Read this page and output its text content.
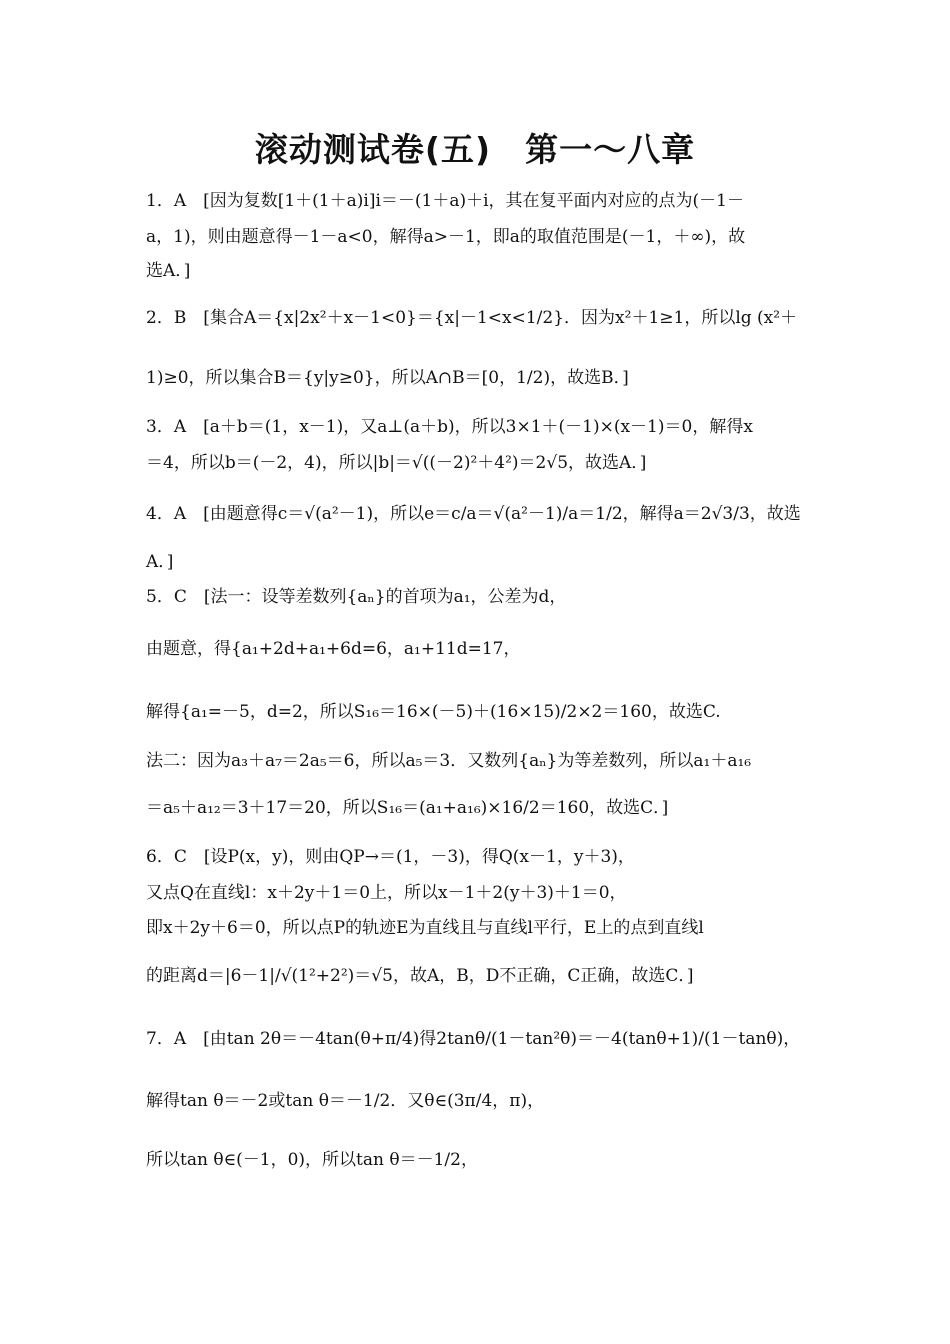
滚动测试卷(五) 第一～八章
1．A　[因为复数[1＋(1＋a)i]i＝－(1＋a)＋i，其在复平面内对应的点为(－1－
a，1)，则由题意得－1－a<0，解得a>－1，即a的取值范围是(－1，＋∞)，故
选A．]
2．B　[集合A＝{x|2x²＋x－1<0}＝{x|－1<x<1/2}．因为x²＋1≥1，所以lg (x²＋
1)≥0，所以集合B＝{y|y≥0}，所以A∩B＝[0，1/2)，故选B．]
3．A　[a＋b＝(1，x－1)，又a⊥(a＋b)，所以3×1＋(－1)×(x－1)＝0，解得x
＝4，所以b＝(－2，4)，所以|b|＝√((－2)²＋4²)＝2√5，故选A．]
4．A　[由题意得c＝√(a²－1)，所以e＝c/a＝√(a²－1)/a＝1/2，解得a＝2√3/3，故选
A．]
5．C　[法一：设等差数列{aₙ}的首项为a₁，公差为d，
由题意，得{a₁+2d+a₁+6d=6，a₁+11d=17，
解得{a₁=－5，d=2，所以S₁₆＝16×(－5)＋(16×15)/2×2＝160，故选C.
法二：因为a₃＋a₇＝2a₅＝6，所以a₅＝3．又数列{aₙ}为等差数列，所以a₁＋a₁₆
＝a₅＋a₁₂＝3＋17＝20，所以S₁₆＝(a₁+a₁₆)×16/2＝160，故选C．]
6．C　[设P(x，y)，则由QP→＝(1，－3)，得Q(x－1，y＋3)，
又点Q在直线l：x＋2y＋1＝0上，所以x－1＋2(y＋3)＋1＝0，
即x＋2y＋6＝0，所以点P的轨迹E为直线且与直线l平行，E上的点到直线l
的距离d＝|6－1|/√(1²+2²)＝√5，故A，B，D不正确，C正确，故选C．]
7．A　[由tan 2θ＝－4tan(θ+π/4)得2tanθ/(1－tan²θ)＝－4(tanθ+1)/(1－tanθ)，
解得tan θ＝－2或tan θ＝－1/2．又θ∈(3π/4，π)，
所以tan θ∈(－1，0)，所以tan θ＝－1/2，
